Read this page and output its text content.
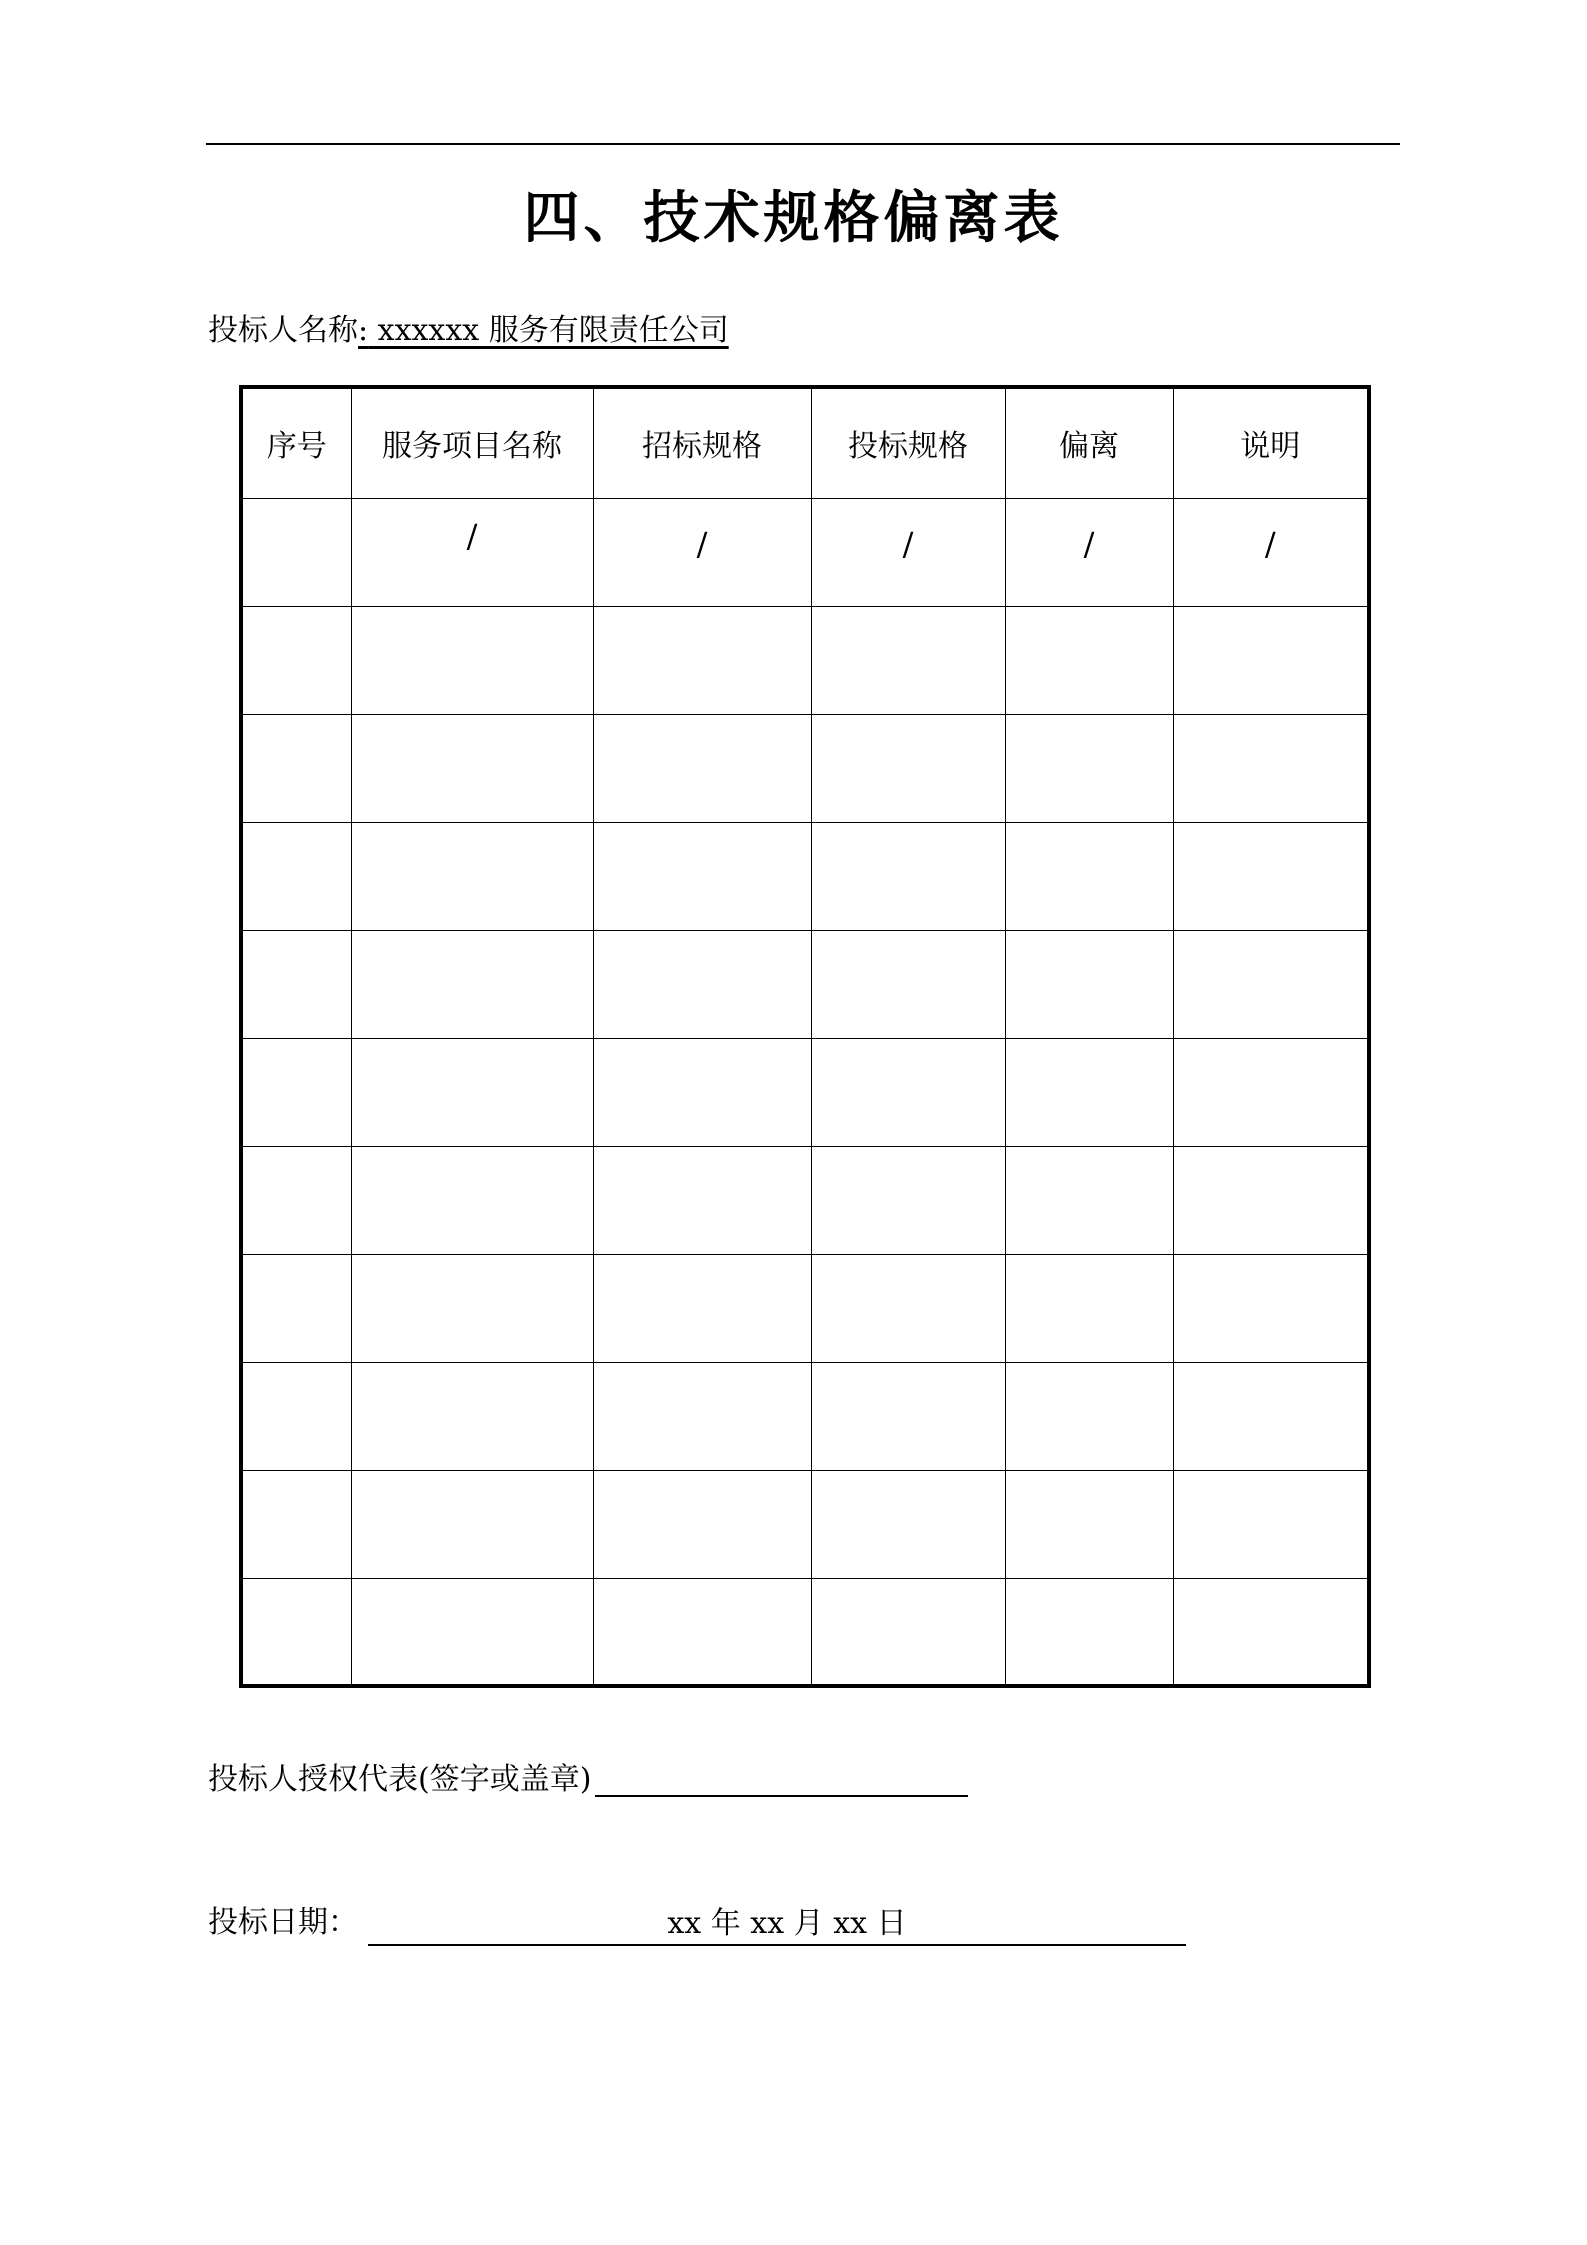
四、技术规格偏离表
投标人名称: xxxxxx 服务有限责任公司
序号	服务项目名称	招标规格	投标规格	偏离	说明
	/	/	/	/	/

投标人授权代表(签字或盖章)
投标日期：	xx 年 xx 月 xx 日
